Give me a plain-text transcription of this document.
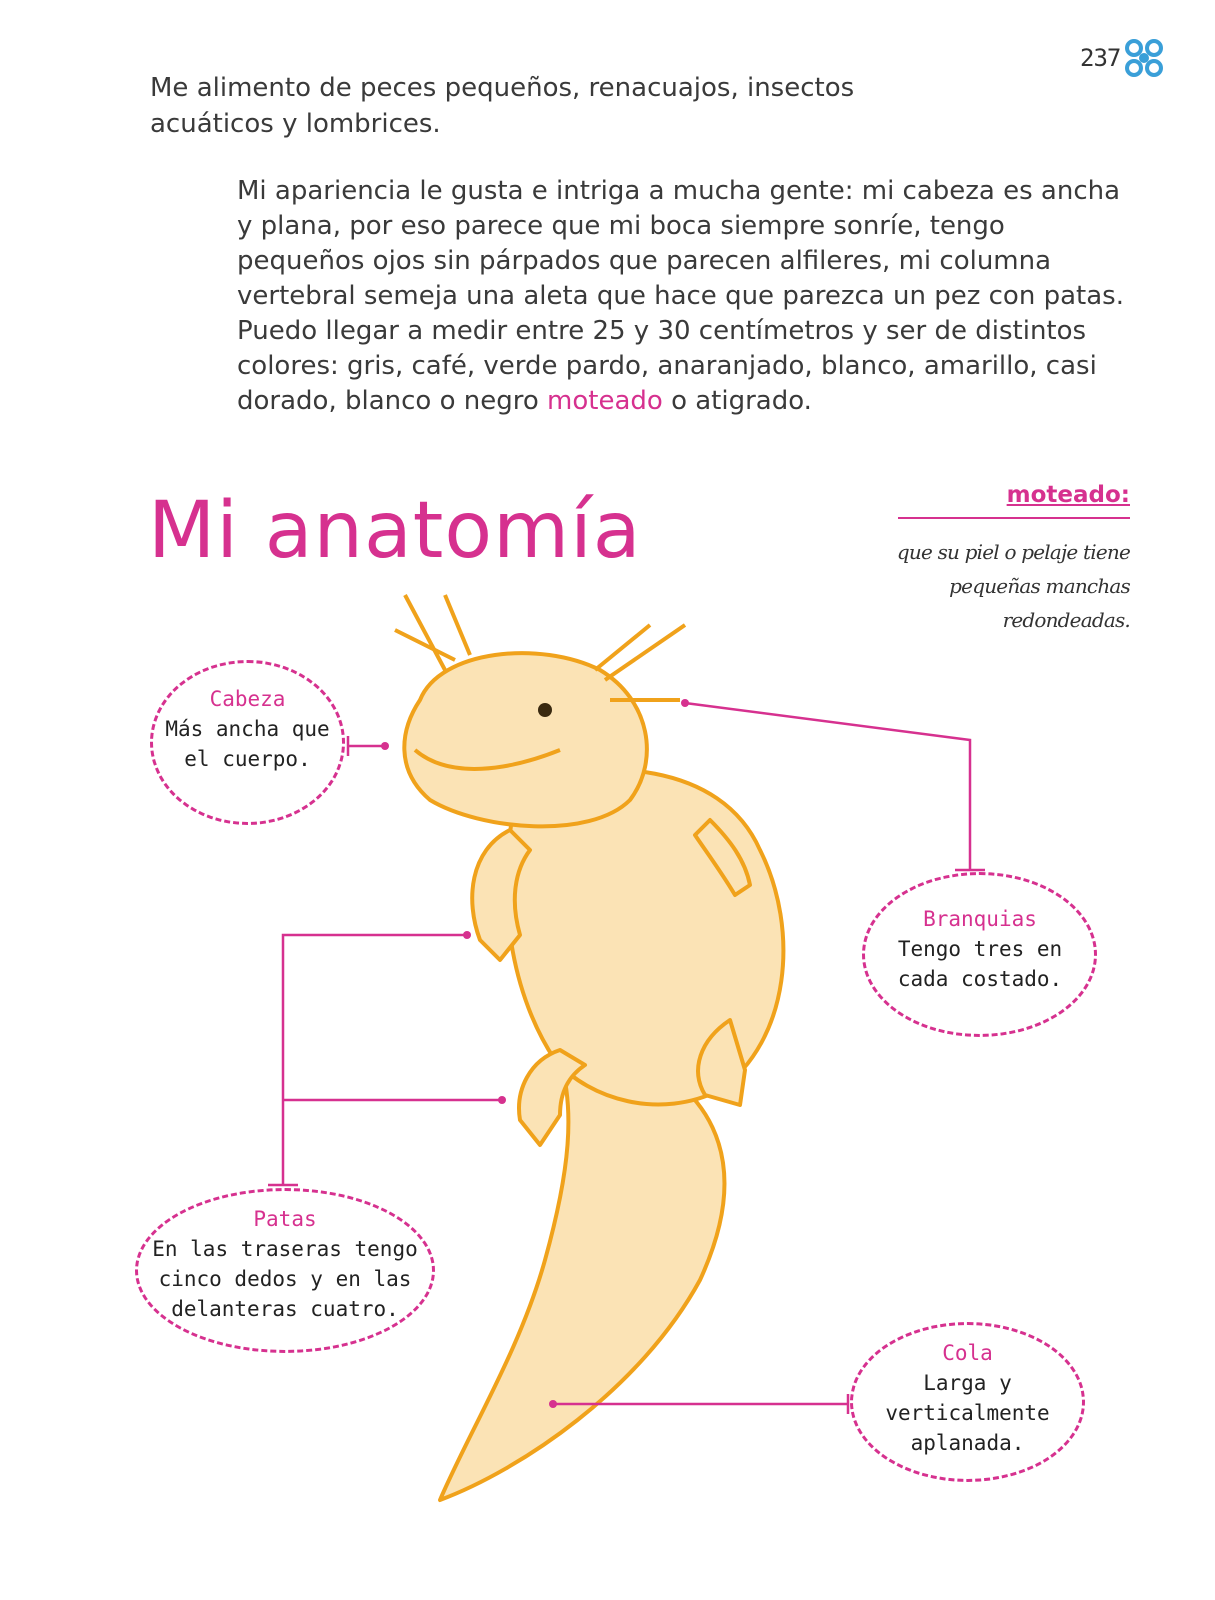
237

Me alimento de peces pequeños, renacuajos, insectos acuáticos y lombrices.

Mi apariencia le gusta e intriga a mucha gente: mi cabeza es ancha y plana, por eso parece que mi boca siempre sonríe, tengo pequeños ojos sin párpados que parecen alfileres, mi columna vertebral semeja una aleta que hace que parezca un pez con patas. Puedo llegar a medir entre 25 y 30 centímetros y ser de distintos colores: gris, café, verde pardo, anaranjado, blanco, amarillo, casi dorado, blanco o negro moteado o atigrado.

Mi anatomía	moteado:
que su piel o pelaje tiene pequeñas manchas redondeadas.
Cabeza
Más ancha que el cuerpo.
Branquias
Tengo tres en cada costado.
Patas
En las traseras tengo cinco dedos y en las delanteras cuatro.
Cola
Larga y verticalmente aplanada.
